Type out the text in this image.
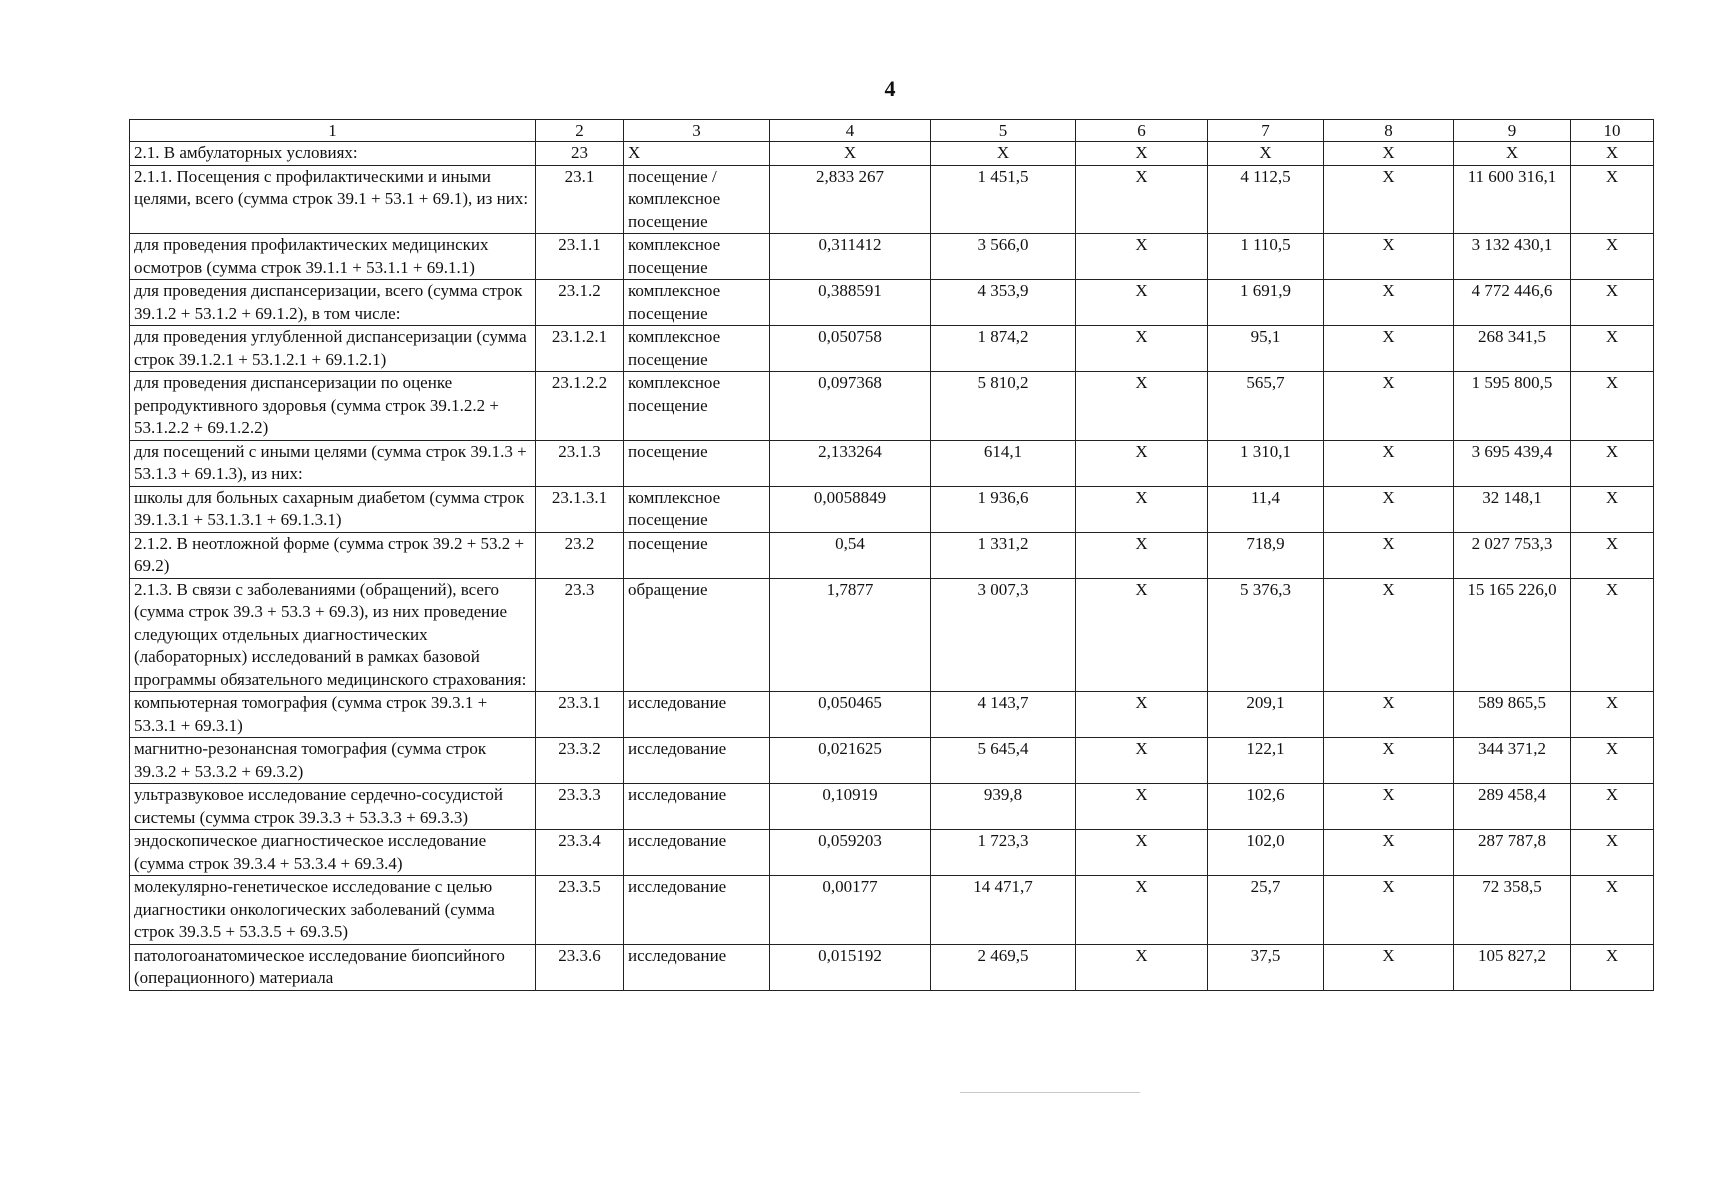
4
1	2	3	4	5	6	7	8	9	10
2.1. В амбулаторных условиях:	23	X	X	X	X	X	X	X	X
2.1.1. Посещения с профилактическими и иными целями, всего (сумма строк 39.1 + 53.1 + 69.1), из них:	23.1	посещение / комплексное посещение	2,833 267	1 451,5	X	4 112,5	X	11 600 316,1	X
для проведения профилактических медицинских осмотров (сумма строк 39.1.1 + 53.1.1 + 69.1.1)	23.1.1	комплексное посещение	0,311412	3 566,0	X	1 110,5	X	3 132 430,1	X
для проведения диспансеризации, всего (сумма строк 39.1.2 + 53.1.2 + 69.1.2), в том числе:	23.1.2	комплексное посещение	0,388591	4 353,9	X	1 691,9	X	4 772 446,6	X
для проведения углубленной диспансеризации (сумма строк 39.1.2.1 + 53.1.2.1 + 69.1.2.1)	23.1.2.1	комплексное посещение	0,050758	1 874,2	X	95,1	X	268 341,5	X
для проведения диспансеризации по оценке репродуктивного здоровья (сумма строк 39.1.2.2 + 53.1.2.2 + 69.1.2.2)	23.1.2.2	комплексное посещение	0,097368	5 810,2	X	565,7	X	1 595 800,5	X
для посещений с иными целями (сумма строк 39.1.3 + 53.1.3 + 69.1.3), из них:	23.1.3	посещение	2,133264	614,1	X	1 310,1	X	3 695 439,4	X
школы для больных сахарным диабетом (сумма строк 39.1.3.1 + 53.1.3.1 + 69.1.3.1)	23.1.3.1	комплексное посещение	0,0058849	1 936,6	X	11,4	X	32 148,1	X
2.1.2. В неотложной форме (сумма строк 39.2 + 53.2 + 69.2)	23.2	посещение	0,54	1 331,2	X	718,9	X	2 027 753,3	X
2.1.3. В связи с заболеваниями (обращений), всего (сумма строк 39.3 + 53.3 + 69.3), из них проведение следующих отдельных диагностических (лабораторных) исследований в рамках базовой программы обязательного медицинского страхования:	23.3	обращение	1,7877	3 007,3	X	5 376,3	X	15 165 226,0	X
компьютерная томография (сумма строк 39.3.1 + 53.3.1 + 69.3.1)	23.3.1	исследование	0,050465	4 143,7	X	209,1	X	589 865,5	X
магнитно-резонансная томография (сумма строк 39.3.2 + 53.3.2 + 69.3.2)	23.3.2	исследование	0,021625	5 645,4	X	122,1	X	344 371,2	X
ультразвуковое исследование сердечно-сосудистой системы (сумма строк 39.3.3 + 53.3.3 + 69.3.3)	23.3.3	исследование	0,10919	939,8	X	102,6	X	289 458,4	X
эндоскопическое диагностическое исследование (сумма строк 39.3.4 + 53.3.4 + 69.3.4)	23.3.4	исследование	0,059203	1 723,3	X	102,0	X	287 787,8	X
молекулярно-генетическое исследование с целью диагностики онкологических заболеваний (сумма строк 39.3.5 + 53.3.5 + 69.3.5)	23.3.5	исследование	0,00177	14 471,7	X	25,7	X	72 358,5	X
патологоанатомическое исследование биопсийного (операционного) материала	23.3.6	исследование	0,015192	2 469,5	X	37,5	X	105 827,2	X
